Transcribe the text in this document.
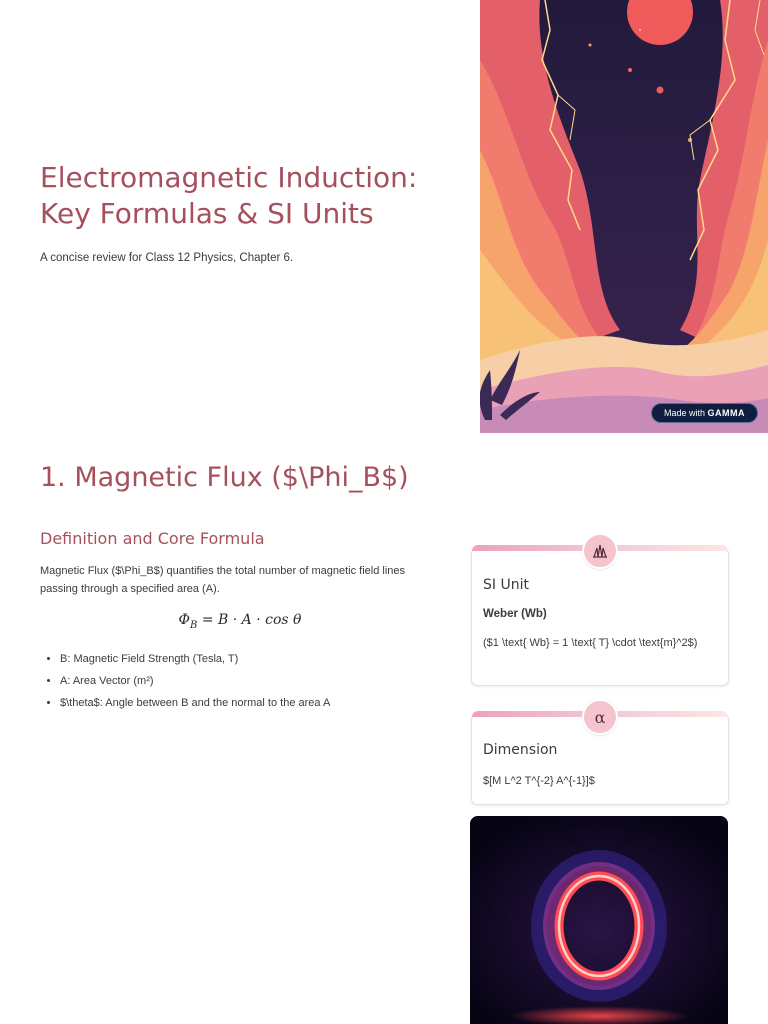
Electromagnetic Induction:
Key Formulas & SI Units

A concise review for Class 12 Physics, Chapter 6.

Made with GAMMA
1. Magnetic Flux ($\Phi_B$)
Definition and Core Formula

Magnetic Flux ($\Phi_B$) quantifies the total number of magnetic field lines passing through a specified area (A).

$\Phi_B = B \cdot A \cdot \cos \theta$
• B: Magnetic Field Strength (Tesla, T)
• A: Area Vector (m²)
• $\theta$: Angle between B and the normal to the area A
SI Unit

Weber (Wb)

($1 \text{ Wb} = 1 \text{ T} \cdot \text{m}^2$)

α
Dimension

$[M L^2 T^{-2} A^{-1}]$
